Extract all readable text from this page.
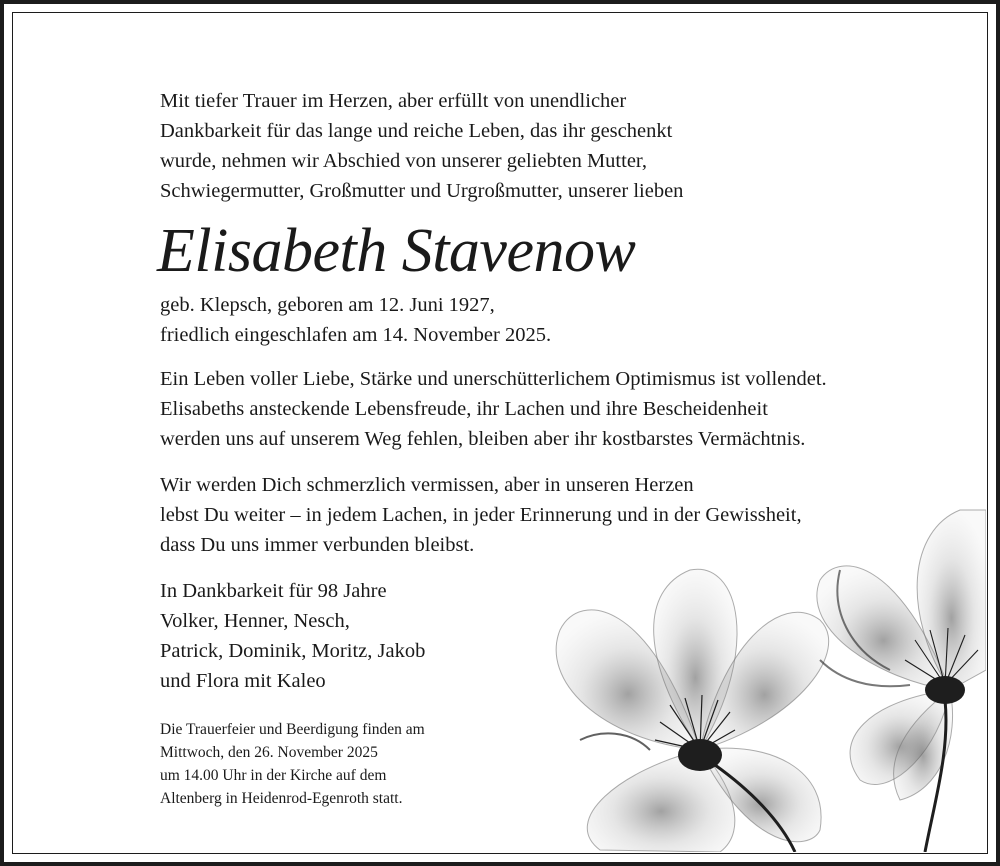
Mit tiefer Trauer im Herzen, aber erfüllt von unendlicher
Dankbarkeit für das lange und reiche Leben, das ihr geschenkt
wurde, nehmen wir Abschied von unserer geliebten Mutter,
Schwiegermutter, Großmutter und Urgroßmutter, unserer lieben

Elisabeth Stavenow

geb. Klepsch, geboren am 12. Juni 1927,
friedlich eingeschlafen am 14. November 2025.

Ein Leben voller Liebe, Stärke und unerschütterlichem Optimismus ist vollendet.
Elisabeths ansteckende Lebensfreude, ihr Lachen und ihre Bescheidenheit
werden uns auf unserem Weg fehlen, bleiben aber ihr kostbarstes Vermächtnis.

Wir werden Dich schmerzlich vermissen, aber in unseren Herzen
lebst Du weiter – in jedem Lachen, in jeder Erinnerung und in der Gewissheit,
dass Du uns immer verbunden bleibst.

In Dankbarkeit für 98 Jahre
Volker, Henner, Nesch,
Patrick, Dominik, Moritz, Jakob
und Flora mit Kaleo

Die Trauerfeier und Beerdigung finden am
Mittwoch, den 26. November 2025
um 14.00 Uhr in der Kirche auf dem
Altenberg in Heidenrod-Egenroth statt.
